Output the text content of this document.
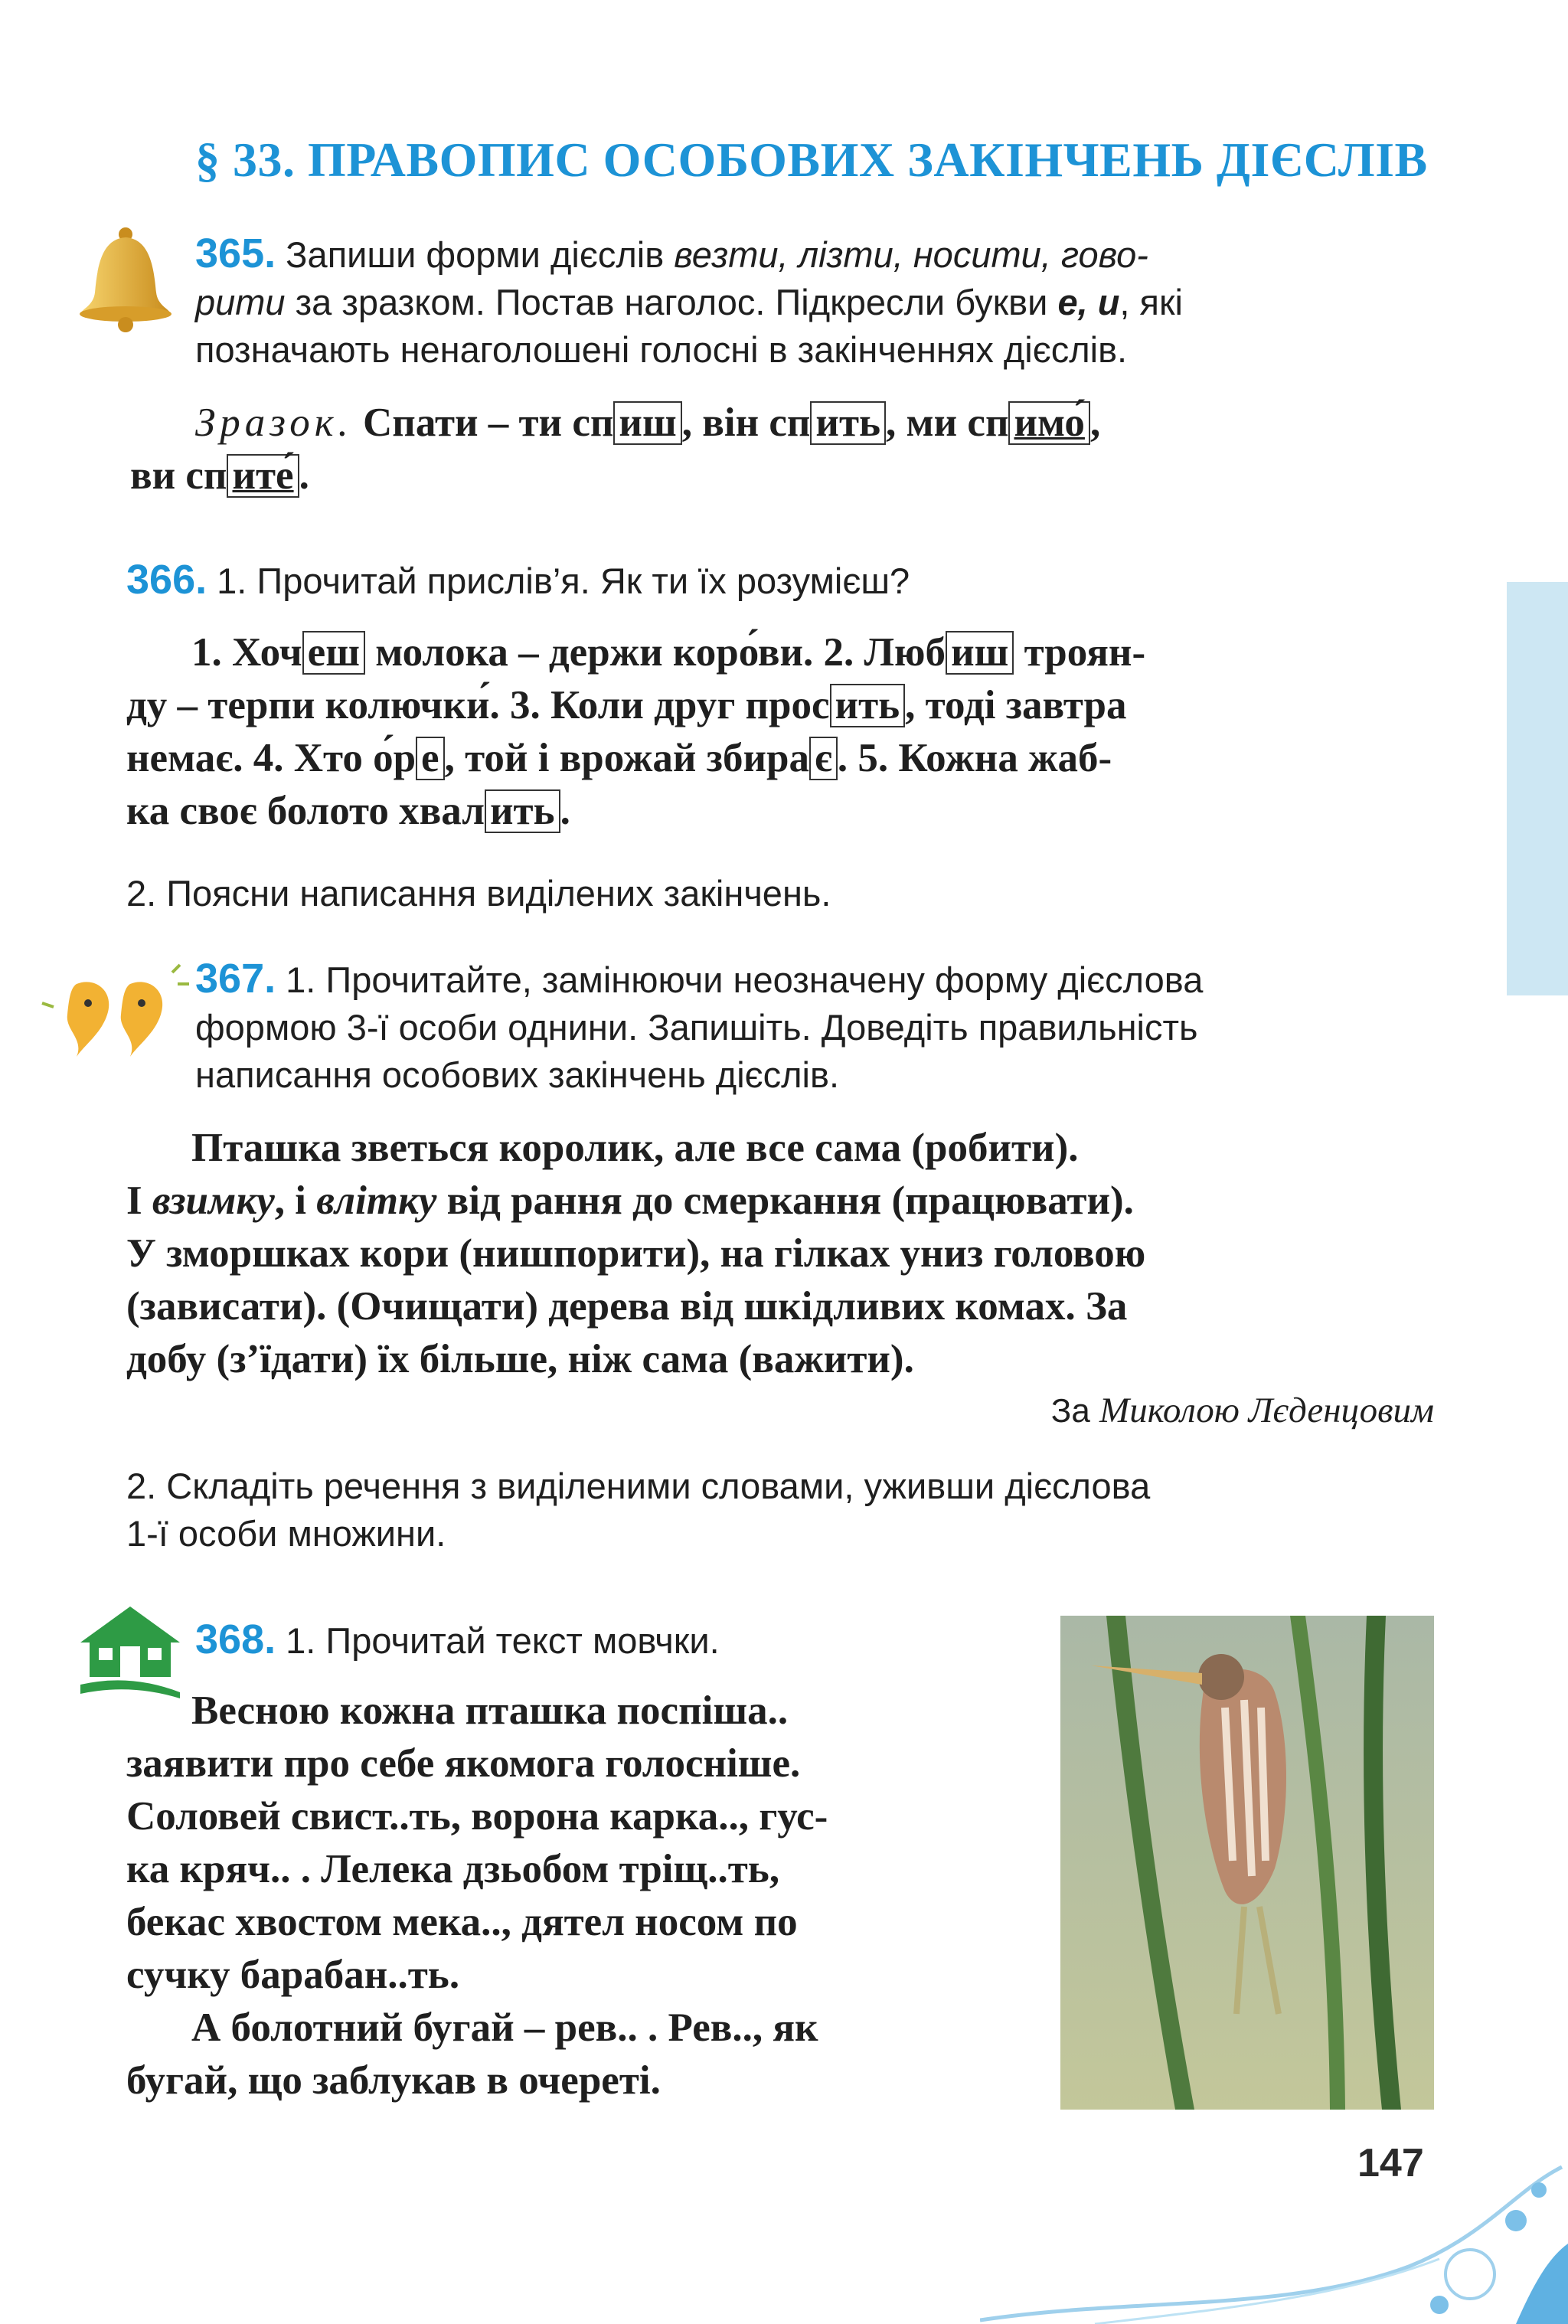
§ 33. ПРАВОПИС ОСОБОВИХ ЗАКІНЧЕНЬ ДІЄСЛІВ
365. Запиши форми дієслів везти, лізти, носити, гово-
рити за зразком. Постав наголос. Підкресли букви е, и, які
позначають ненаголошені голосні в закінченнях дієслів.
Зразок. Спати – ти сп иш , він сп ить , ми сп имо́ ,
ви сп ите́ .
366. 1. Прочитай прислів’я. Як ти їх розумієш?
1. Хоч еш молока – держи коро́ви. 2. Люб иш троян-
ду – терпи колючки́. 3. Коли друг прос ить , тоді завтра
немає. 4. Хто о́р е , той і врожай збира є . 5. Кожна жаб-
ка своє болото хвал ить .
2. Поясни написання виділених закінчень.
367. 1. Прочитайте, замінюючи неозначену форму дієслова
формою 3-ї особи однини. Запишіть. Доведіть правильність
написання особових закінчень дієслів.
Пташка зветься королик, але все сама (робити).
І взимку, і влітку від рання до смеркання (працювати).
У зморшках кори (нишпорити), на гілках униз головою
(зависати). (Очищати) дерева від шкідливих комах. За
добу (з’їдати) їх більше, ніж сама (важити).
За Миколою Лєденцовим
2. Складіть речення з виділеними словами, уживши дієслова
1-ї особи множини.
368. 1. Прочитай текст мовчки.
Весною кожна пташка поспіша..
заявити про себе якомога голосніше.
Соловей свист..ть, ворона карка.., гус-
ка кряч.. . Лелека дзьобом тріщ..ть,
бекас хвостом мека.., дятел носом по
сучку барабан..ть.
А болотний бугай – рев.. . Рев.., як
бугай, що заблукав в очереті.
147
